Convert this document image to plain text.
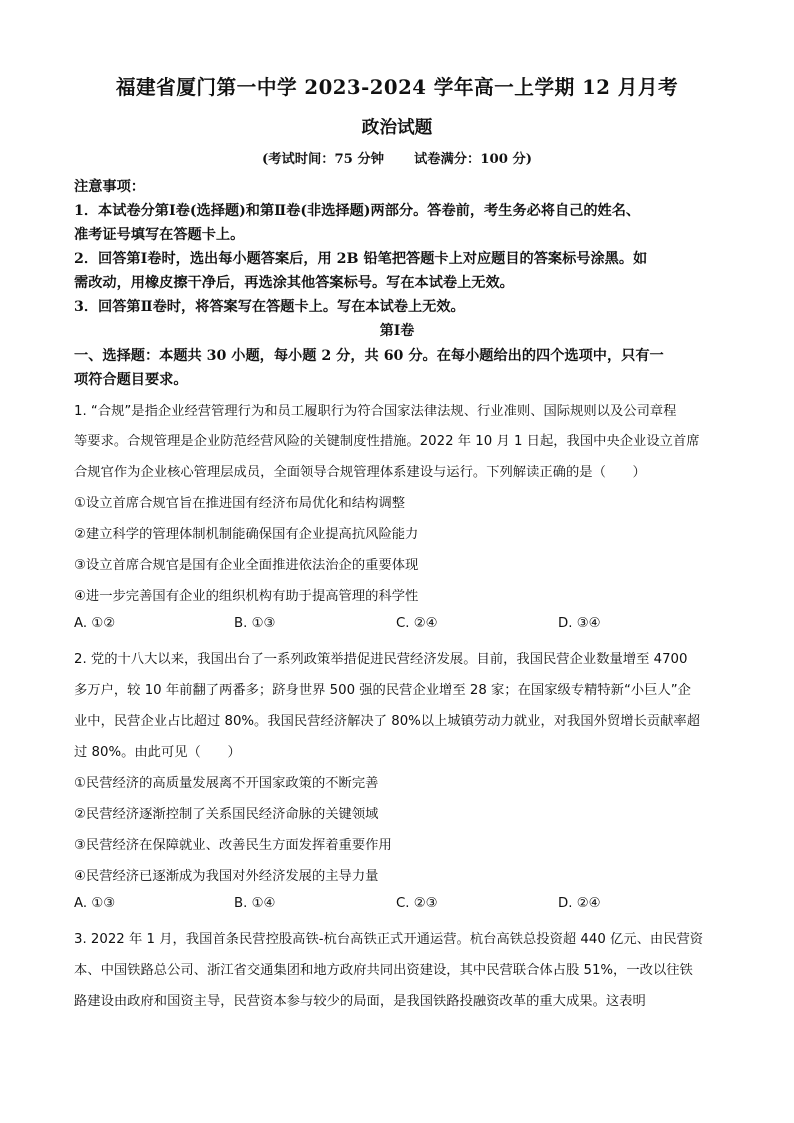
福建省厦门第一中学 2023-2024 学年高一上学期 12 月月考
政治试题
(考试时间：75 分钟 试卷满分：100 分)
注意事项：
1．本试卷分第Ⅰ卷(选择题)和第Ⅱ卷(非选择题)两部分。答卷前，考生务必将自己的姓名、
准考证号填写在答题卡上。
2．回答第Ⅰ卷时，选出每小题答案后，用 2B 铅笔把答题卡上对应题目的答案标号涂黑。如
需改动，用橡皮擦干净后，再选涂其他答案标号。写在本试卷上无效。
3．回答第Ⅱ卷时，将答案写在答题卡上。写在本试卷上无效。
第Ⅰ卷
一、选择题：本题共 30 小题，每小题 2 分，共 60 分。在每小题给出的四个选项中，只有一
项符合题目要求。
1. “合规”是指企业经营管理行为和员工履职行为符合国家法律法规、行业准则、国际规则以及公司章程
等要求。合规管理是企业防范经营风险的关键制度性措施。2022 年 10 月 1 日起，我国中央企业设立首席
合规官作为企业核心管理层成员，全面领导合规管理体系建设与运行。下列解读正确的是（　　）
①设立首席合规官旨在推进国有经济布局优化和结构调整
②建立科学的管理体制机制能确保国有企业提高抗风险能力
③设立首席合规官是国有企业全面推进依法治企的重要体现
④进一步完善国有企业的组织机构有助于提高管理的科学性
A. ①②	B. ①③	C. ②④	D. ③④
2. 党的十八大以来，我国出台了一系列政策举措促进民营经济发展。目前，我国民营企业数量增至 4700
多万户，较 10 年前翻了两番多；跻身世界 500 强的民营企业增至 28 家；在国家级专精特新“小巨人”企
业中，民营企业占比超过 80%。我国民营经济解决了 80%以上城镇劳动力就业，对我国外贸增长贡献率超
过 80%。由此可见（　　）
①民营经济的高质量发展离不开国家政策的不断完善
②民营经济逐渐控制了关系国民经济命脉的关键领域
③民营经济在保障就业、改善民生方面发挥着重要作用
④民营经济已逐渐成为我国对外经济发展的主导力量
A. ①③	B. ①④	C. ②③	D. ②④
3. 2022 年 1 月，我国首条民营控股高铁-杭台高铁正式开通运营。杭台高铁总投资超 440 亿元、由民营资
本、中国铁路总公司、浙江省交通集团和地方政府共同出资建设，其中民营联合体占股 51%，一改以往铁
路建设由政府和国资主导，民营资本参与较少的局面，是我国铁路投融资改革的重大成果。这表明
